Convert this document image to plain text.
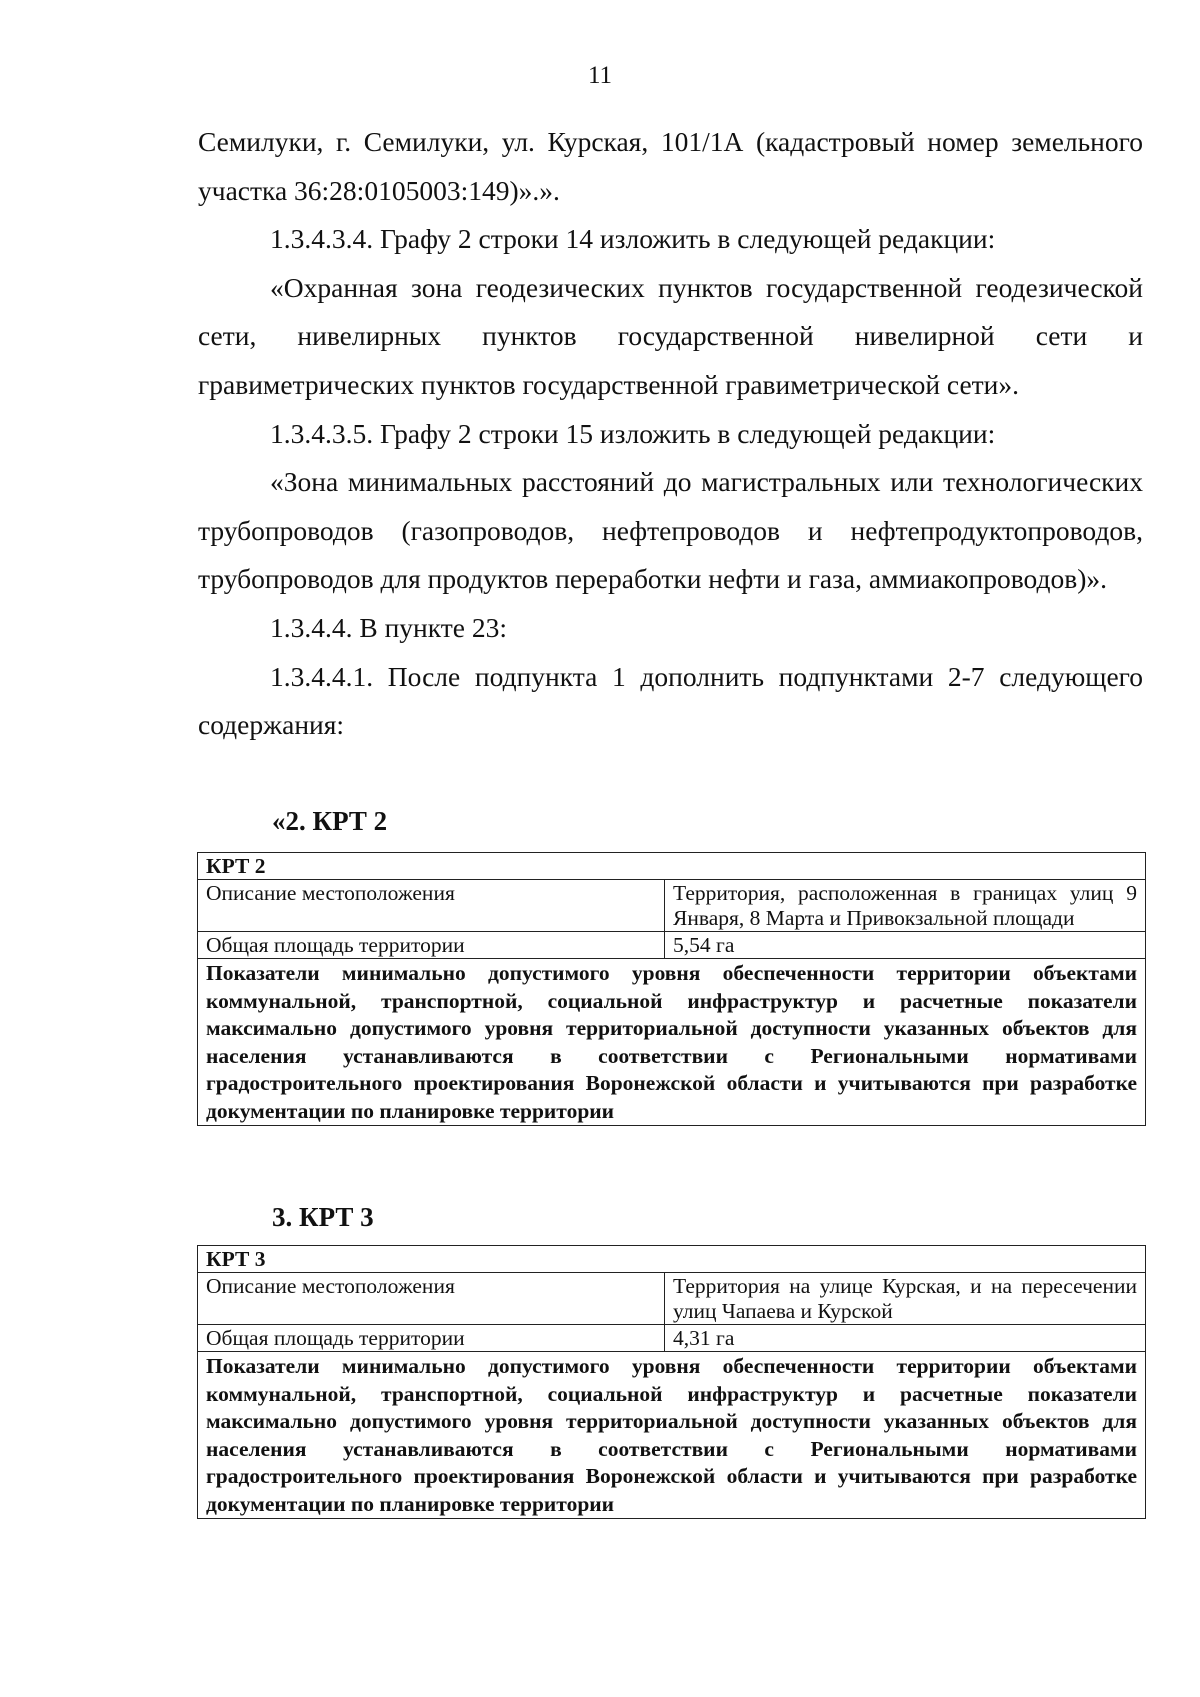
11

Семилуки, г. Семилуки, ул. Курская, 101/1А (кадастровый номер земельного участка 36:28:0105003:149)».».

1.3.4.3.4. Графу 2 строки 14 изложить в следующей редакции:

«Охранная зона геодезических пунктов государственной геодезической сети, нивелирных пунктов государственной нивелирной сети и гравиметрических пунктов государственной гравиметрической сети».

1.3.4.3.5. Графу 2 строки 15 изложить в следующей редакции:

«Зона минимальных расстояний до магистральных или технологических трубопроводов (газопроводов, нефтепроводов и нефтепродуктопроводов, трубопроводов для продуктов переработки нефти и газа, аммиакопроводов)».

1.3.4.4. В пункте 23:

1.3.4.4.1. После подпункта 1 дополнить подпунктами 2-7 следующего содержания:

«2. КРТ 2
КРТ 2	
Описание местоположения	Территория, расположенная в границах улиц 9 Января, 8 Марта и Привокзальной площади
Общая площадь территории	5,54 га
Показатели минимально допустимого уровня обеспеченности территории объектами коммунальной, транспортной, социальной инфраструктур и расчетные показатели максимально допустимого уровня территориальной доступности указанных объектов для населения устанавливаются в соответствии с Региональными нормативами градостроительного проектирования Воронежской области и учитываются при разработке документации по планировке территории	
3. КРТ 3
КРТ 3	
Описание местоположения	Территория на улице Курская, и на пересечении улиц Чапаева и Курской
Общая площадь территории	4,31 га
Показатели минимально допустимого уровня обеспеченности территории объектами коммунальной, транспортной, социальной инфраструктур и расчетные показатели максимально допустимого уровня территориальной доступности указанных объектов для населения устанавливаются в соответствии с Региональными нормативами градостроительного проектирования Воронежской области и учитываются при разработке документации по планировке территории	
